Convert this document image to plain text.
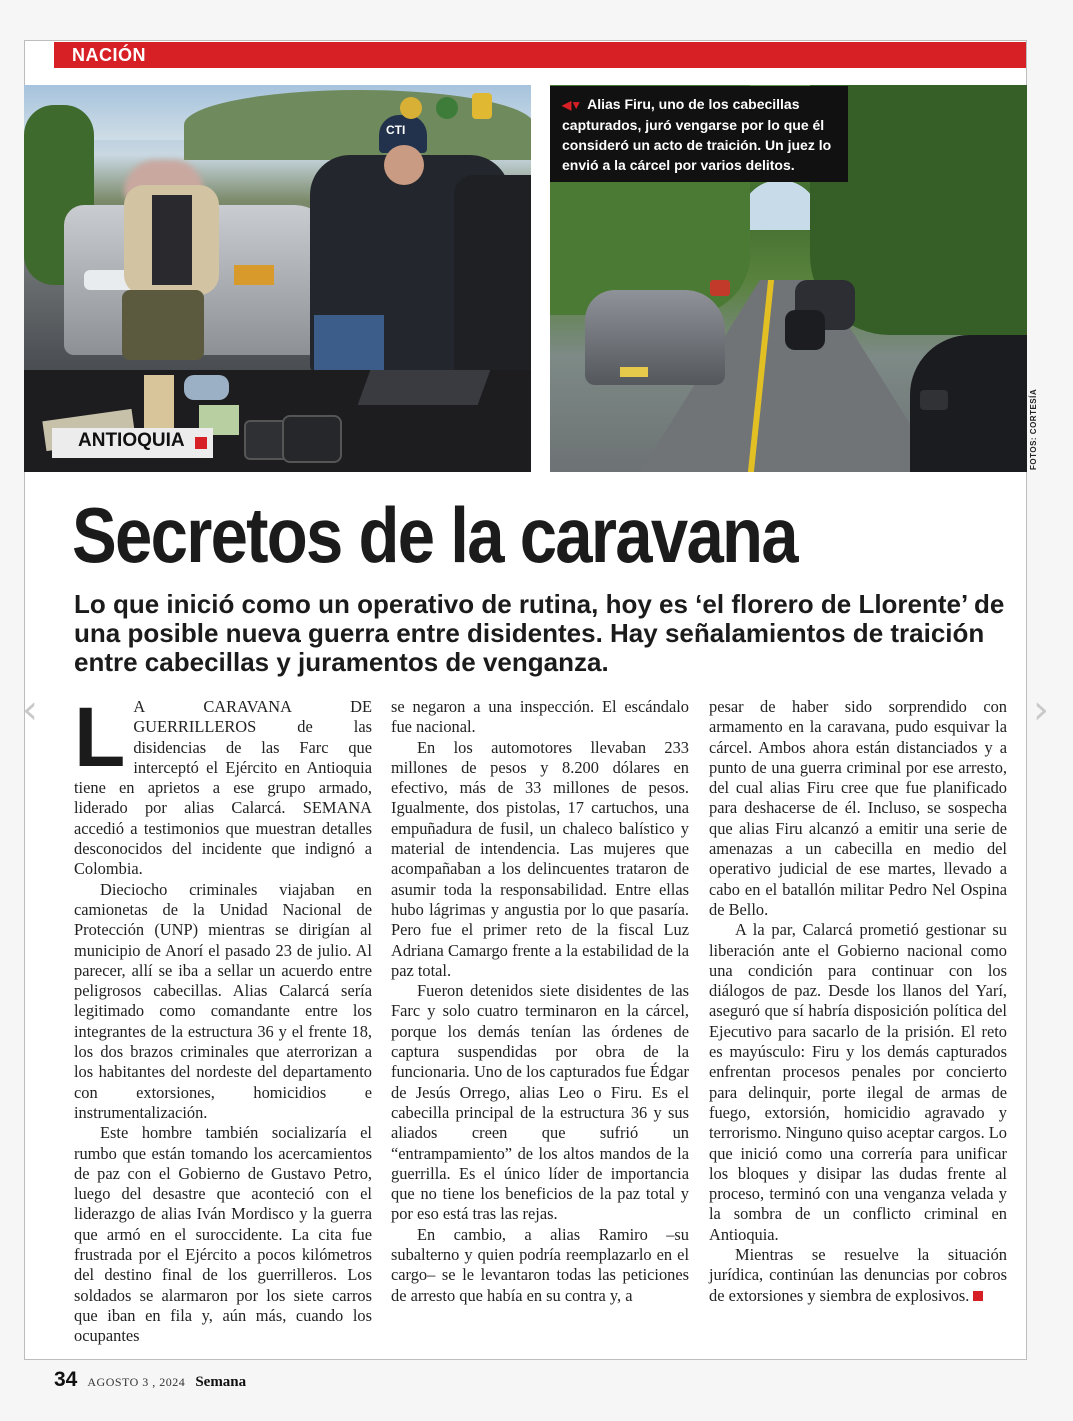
NACIÓN
CTI
ANTIOQUIA
◀▼ Alias Firu, uno de los cabecillas capturados, juró vengarse por lo que él consideró un acto de traición. Un juez lo envió a la cárcel por varios delitos.
FOTOS: CORTESÍA
Secretos de la caravana

Lo que inició como un operativo de rutina, hoy es ‘el florero de Llorente’ de una posible nueva guerra entre disidentes. Hay señalamientos de traición entre cabecillas y juramentos de venganza.

L A CARAVANA DE GUERRILLEROS de las disidencias de las Farc que interceptó el Ejército en Antioquia tiene en aprietos a ese grupo armado, liderado por alias Calarcá. SEMANA accedió a testimonios que muestran detalles desconocidos del incidente que indignó a Colombia.

Dieciocho criminales viajaban en camionetas de la Unidad Nacional de Protección (UNP) mientras se dirigían al municipio de Anorí el pasado 23 de julio. Al parecer, allí se iba a sellar un acuerdo entre peligrosos cabecillas. Alias Calarcá sería legitimado como comandante entre los integrantes de la estructura 36 y el frente 18, los dos brazos criminales que aterrorizan a los habitantes del nordeste del departamento con extorsiones, homicidios e instrumentalización.

Este hombre también socializaría el rumbo que están tomando los acercamientos de paz con el Gobierno de Gustavo Petro, luego del desastre que aconteció con el liderazgo de alias Iván Mordisco y la guerra que armó en el suroccidente. La cita fue frustrada por el Ejército a pocos kilómetros del destino final de los guerrilleros. Los soldados se alarmaron por los siete carros que iban en fila y, aún más, cuando los ocupantes

se negaron a una inspección. El escándalo fue nacional.

En los automotores llevaban 233 millones de pesos y 8.200 dólares en efectivo, más de 33 millones de pesos. Igualmente, dos pistolas, 17 cartuchos, una empuñadura de fusil, un chaleco balístico y material de intendencia. Las mujeres que acompañaban a los delincuentes trataron de asumir toda la responsabilidad. Entre ellas hubo lágrimas y angustia por lo que pasaría. Pero fue el primer reto de la fiscal Luz Adriana Camargo frente a la estabilidad de la paz total.

Fueron detenidos siete disidentes de las Farc y solo cuatro terminaron en la cárcel, porque los demás tenían las órdenes de captura suspendidas por obra de la funcionaria. Uno de los capturados fue Édgar de Jesús Orrego, alias Leo o Firu. Es el cabecilla principal de la estructura 36 y sus aliados creen que sufrió un “entrampamiento” de los altos mandos de la guerrilla. Es el único líder de importancia que no tiene los beneficios de la paz total y por eso está tras las rejas.

En cambio, a alias Ramiro –su subalterno y quien podría reemplazarlo en el cargo– se le levantaron todas las peticiones de arresto que había en su contra y, a

pesar de haber sido sorprendido con armamento en la caravana, pudo esquivar la cárcel. Ambos ahora están distanciados y a punto de una guerra criminal por ese arresto, del cual alias Firu cree que fue planificado para deshacerse de él. Incluso, se sospecha que alias Firu alcanzó a emitir una serie de amenazas a un cabecilla en medio del operativo judicial de ese martes, llevado a cabo en el batallón militar Pedro Nel Ospina de Bello.

A la par, Calarcá prometió gestionar su liberación ante el Gobierno nacional como una condición para continuar con los diálogos de paz. Desde los llanos del Yarí, aseguró que sí habría disposición política del Ejecutivo para sacarlo de la prisión. El reto es mayúsculo: Firu y los demás capturados enfrentan procesos penales por concierto para delinquir, porte ilegal de armas de fuego, extorsión, homicidio agravado y terrorismo. Ninguno quiso aceptar cargos. Lo que inició como una correría para unificar los bloques y disipar las dudas frente al proceso, terminó con una venganza velada y la sombra de un conflicto criminal en Antioquia.

Mientras se resuelve la situación jurídica, continúan las denuncias por cobros de extorsiones y siembra de explosivos.

‹	›
34 AGOSTO 3 , 2024 Semana
